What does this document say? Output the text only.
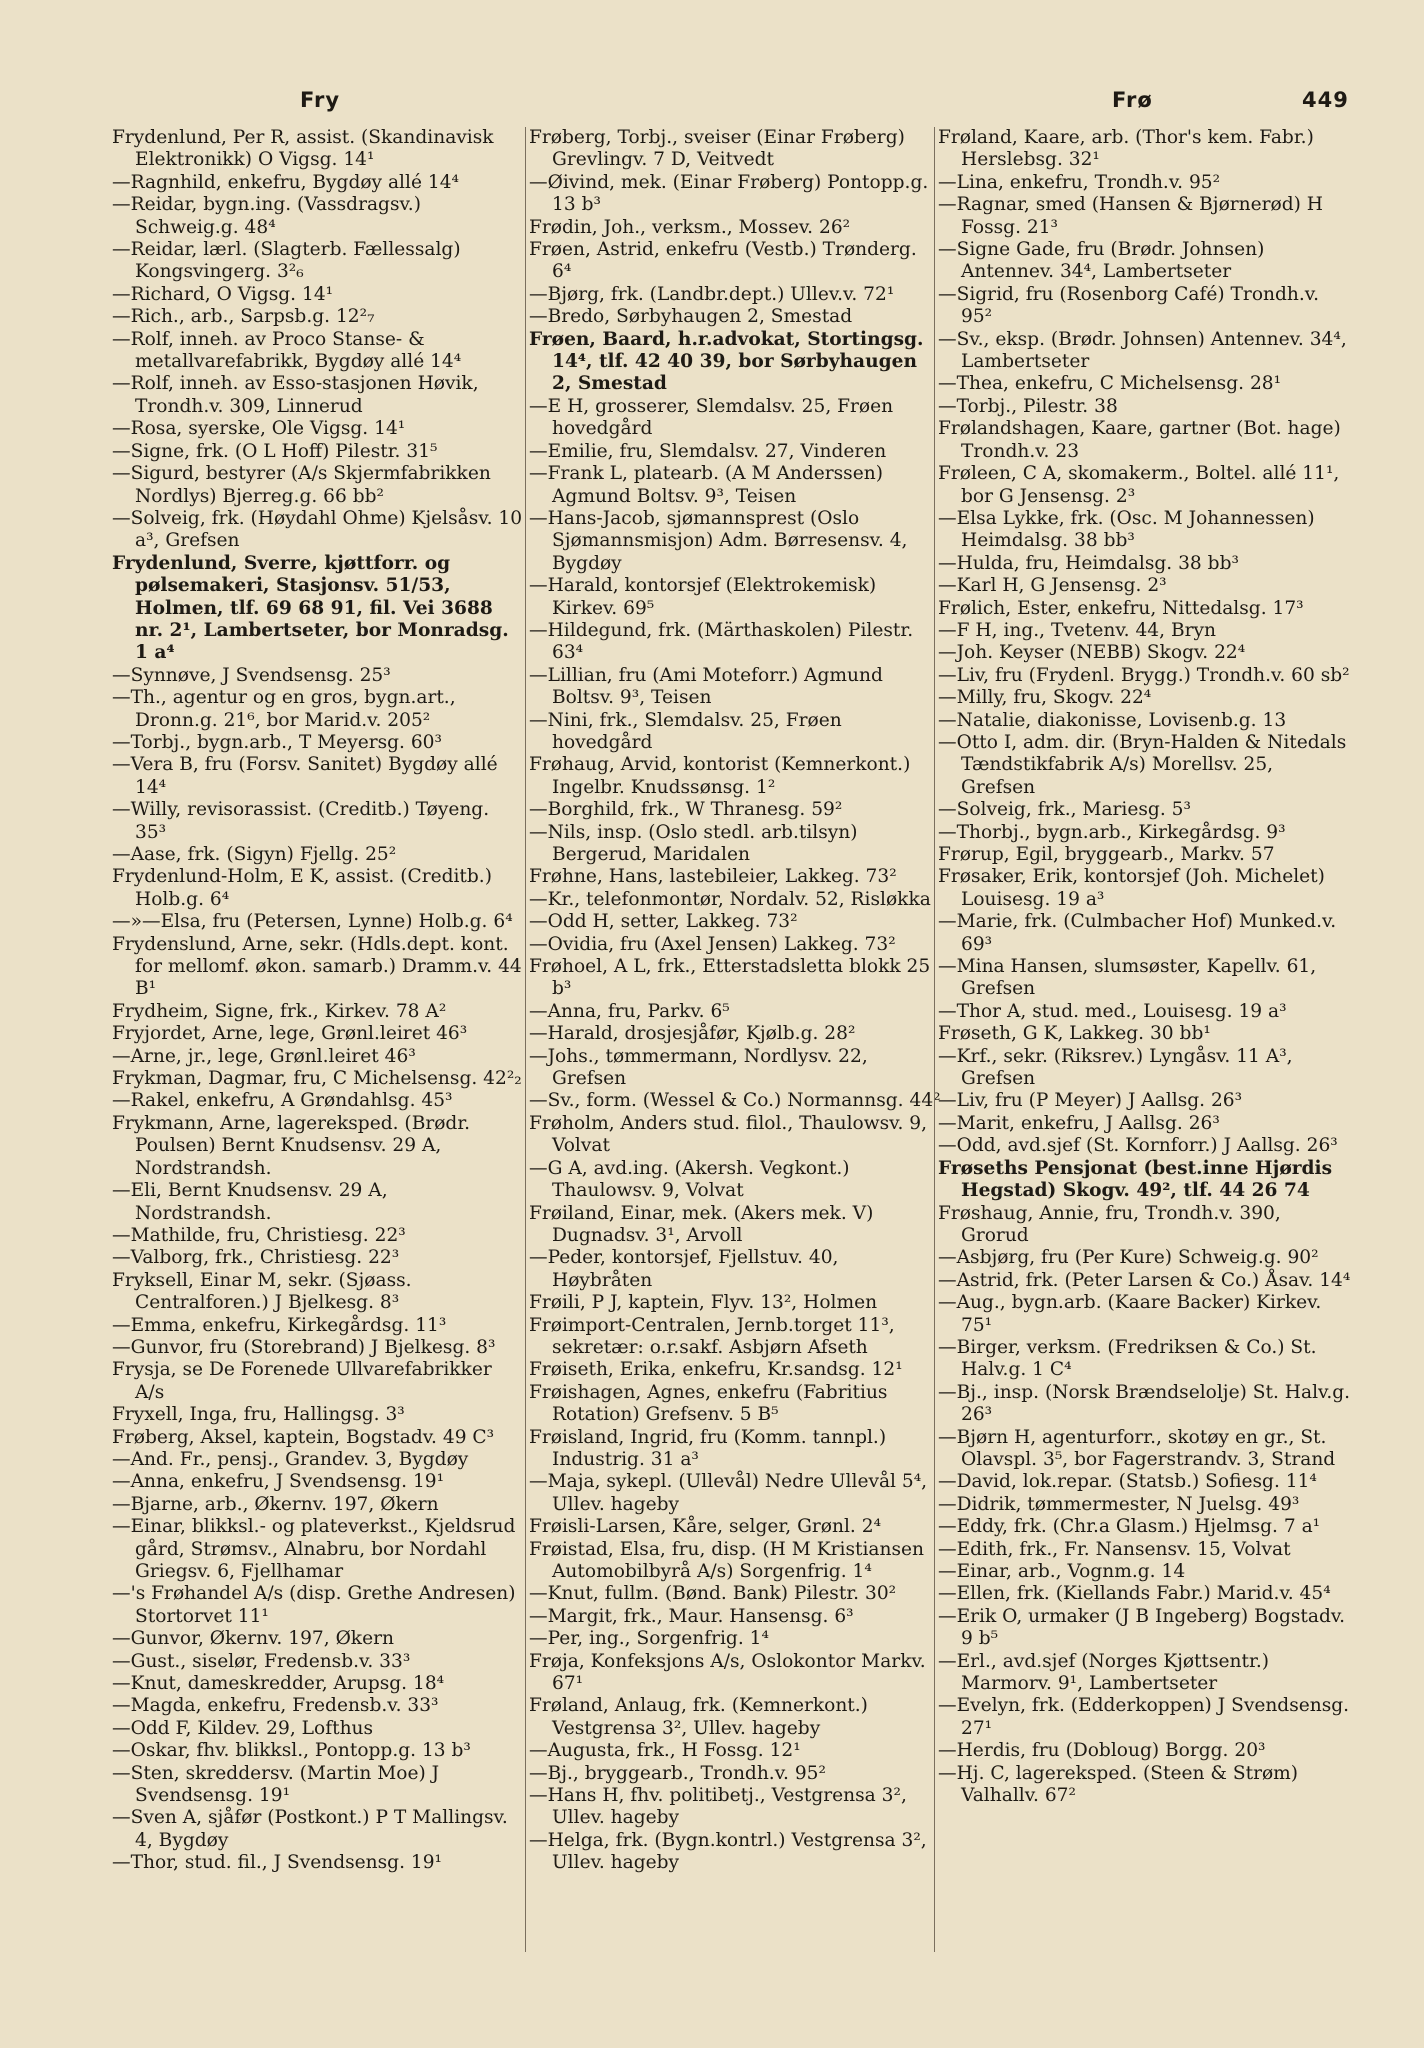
Fry	Frø	449

Frydenlund, Per R, assist. (Skandinavisk Elektronikk) O Vigsg. 14¹

—Ragnhild, enkefru, Bygdøy allé 14⁴

—Reidar, bygn.ing. (Vassdragsv.) Schweig.g. 48⁴

—Reidar, lærl. (Slagterb. Fællessalg) Kongsvingerg. 3²₆

—Richard, O Vigsg. 14¹

—Rich., arb., Sarpsb.g. 12²₇

—Rolf, inneh. av Proco Stanse- & metallvarefabrikk, Bygdøy allé 14⁴

—Rolf, inneh. av Esso-stasjonen Høvik, Trondh.v. 309, Linnerud

—Rosa, syerske, Ole Vigsg. 14¹

—Signe, frk. (O L Hoff) Pilestr. 31⁵

—Sigurd, bestyrer (A/s Skjermfabrikken Nordlys) Bjerreg.g. 66 bb²

—Solveig, frk. (Høydahl Ohme) Kjelsåsv. 10 a³, Grefsen

Frydenlund, Sverre, kjøttforr. og pølsemakeri, Stasjonsv. 51/53, Holmen, tlf. 69 68 91, fil. Vei 3688 nr. 2¹, Lambertseter, bor Monradsg. 1 a⁴

—Synnøve, J Svendsensg. 25³

—Th., agentur og en gros, bygn.art., Dronn.g. 21⁶, bor Marid.v. 205²

—Torbj., bygn.arb., T Meyersg. 60³

—Vera B, fru (Forsv. Sanitet) Bygdøy allé 14⁴

—Willy, revisorassist. (Creditb.) Tøyeng. 35³

—Aase, frk. (Sigyn) Fjellg. 25²

Frydenlund-Holm, E K, assist. (Creditb.) Holb.g. 6⁴

—»—Elsa, fru (Petersen, Lynne) Holb.g. 6⁴

Frydenslund, Arne, sekr. (Hdls.dept. kont. for mellomf. økon. samarb.) Dramm.v. 44 B¹

Frydheim, Signe, frk., Kirkev. 78 A²

Fryjordet, Arne, lege, Grønl.leiret 46³

—Arne, jr., lege, Grønl.leiret 46³

Frykman, Dagmar, fru, C Michelsensg. 42²₂

—Rakel, enkefru, A Grøndahlsg. 45³

Frykmann, Arne, lagereksped. (Brødr. Poulsen) Bernt Knudsensv. 29 A, Nordstrandsh.

—Eli, Bernt Knudsensv. 29 A, Nordstrandsh.

—Mathilde, fru, Christiesg. 22³

—Valborg, frk., Christiesg. 22³

Fryksell, Einar M, sekr. (Sjøass. Centralforen.) J Bjelkesg. 8³

—Emma, enkefru, Kirkegårdsg. 11³

—Gunvor, fru (Storebrand) J Bjelkesg. 8³

Frysja, se De Forenede Ullvarefabrikker A/s

Fryxell, Inga, fru, Hallingsg. 3³

Frøberg, Aksel, kaptein, Bogstadv. 49 C³

—And. Fr., pensj., Grandev. 3, Bygdøy

—Anna, enkefru, J Svendsensg. 19¹

—Bjarne, arb., Økernv. 197, Økern

—Einar, blikksl.- og plateverkst., Kjeldsrud gård, Strømsv., Alnabru, bor Nordahl Griegsv. 6, Fjellhamar

—'s Frøhandel A/s (disp. Grethe Andresen) Stortorvet 11¹

—Gunvor, Økernv. 197, Økern

—Gust., siselør, Fredensb.v. 33³

—Knut, dameskredder, Arupsg. 18⁴

—Magda, enkefru, Fredensb.v. 33³

—Odd F, Kildev. 29, Lofthus

—Oskar, fhv. blikksl., Pontopp.g. 13 b³

—Sten, skreddersv. (Martin Moe) J Svendsensg. 19¹

—Sven A, sjåfør (Postkont.) P T Mallingsv. 4, Bygdøy

—Thor, stud. fil., J Svendsensg. 19¹

Frøberg, Torbj., sveiser (Einar Frøberg) Grevlingv. 7 D, Veitvedt

—Øivind, mek. (Einar Frøberg) Pontopp.g. 13 b³

Frødin, Joh., verksm., Mossev. 26²

Frøen, Astrid, enkefru (Vestb.) Trønderg. 6⁴

—Bjørg, frk. (Landbr.dept.) Ullev.v. 72¹

—Bredo, Sørbyhaugen 2, Smestad

Frøen, Baard, h.r.advokat, Stortingsg. 14⁴, tlf. 42 40 39, bor Sørbyhaugen 2, Smestad

—E H, grosserer, Slemdalsv. 25, Frøen hovedgård

—Emilie, fru, Slemdalsv. 27, Vinderen

—Frank L, platearb. (A M Anderssen) Agmund Boltsv. 9³, Teisen

—Hans-Jacob, sjømannsprest (Oslo Sjømannsmisjon) Adm. Børresensv. 4, Bygdøy

—Harald, kontorsjef (Elektrokemisk) Kirkev. 69⁵

—Hildegund, frk. (Märthaskolen) Pilestr. 63⁴

—Lillian, fru (Ami Moteforr.) Agmund Boltsv. 9³, Teisen

—Nini, frk., Slemdalsv. 25, Frøen hovedgård

Frøhaug, Arvid, kontorist (Kemnerkont.) Ingelbr. Knudssønsg. 1²

—Borghild, frk., W Thranesg. 59²

—Nils, insp. (Oslo stedl. arb.tilsyn) Bergerud, Maridalen

Frøhne, Hans, lastebileier, Lakkeg. 73²

—Kr., telefonmontør, Nordalv. 52, Risløkka

—Odd H, setter, Lakkeg. 73²

—Ovidia, fru (Axel Jensen) Lakkeg. 73²

Frøhoel, A L, frk., Etterstadsletta blokk 25 b³

—Anna, fru, Parkv. 6⁵

—Harald, drosjesjåfør, Kjølb.g. 28²

—Johs., tømmermann, Nordlysv. 22, Grefsen

—Sv., form. (Wessel & Co.) Normannsg. 44²

Frøholm, Anders stud. filol., Thaulowsv. 9, Volvat

—G A, avd.ing. (Akersh. Vegkont.) Thaulowsv. 9, Volvat

Frøiland, Einar, mek. (Akers mek. V) Dugnadsv. 3¹, Arvoll

—Peder, kontorsjef, Fjellstuv. 40, Høybråten

Frøili, P J, kaptein, Flyv. 13², Holmen

Frøimport-Centralen, Jernb.torget 11³, sekretær: o.r.sakf. Asbjørn Afseth

Frøiseth, Erika, enkefru, Kr.sandsg. 12¹

Frøishagen, Agnes, enkefru (Fabritius Rotation) Grefsenv. 5 B⁵

Frøisland, Ingrid, fru (Komm. tannpl.) Industrig. 31 a³

—Maja, sykepl. (Ullevål) Nedre Ullevål 5⁴, Ullev. hageby

Frøisli-Larsen, Kåre, selger, Grønl. 2⁴

Frøistad, Elsa, fru, disp. (H M Kristiansen Automobilbyrå A/s) Sorgenfrig. 1⁴

—Knut, fullm. (Bønd. Bank) Pilestr. 30²

—Margit, frk., Maur. Hansensg. 6³

—Per, ing., Sorgenfrig. 1⁴

Frøja, Konfeksjons A/s, Oslokontor Markv. 67¹

Frøland, Anlaug, frk. (Kemnerkont.) Vestgrensa 3², Ullev. hageby

—Augusta, frk., H Fossg. 12¹

—Bj., bryggearb., Trondh.v. 95²

—Hans H, fhv. politibetj., Vestgrensa 3², Ullev. hageby

—Helga, frk. (Bygn.kontrl.) Vestgrensa 3², Ullev. hageby

Frøland, Kaare, arb. (Thor's kem. Fabr.) Herslebsg. 32¹

—Lina, enkefru, Trondh.v. 95²

—Ragnar, smed (Hansen & Bjørnerød) H Fossg. 21³

—Signe Gade, fru (Brødr. Johnsen) Antennev. 34⁴, Lambertseter

—Sigrid, fru (Rosenborg Café) Trondh.v. 95²

—Sv., eksp. (Brødr. Johnsen) Antennev. 34⁴, Lambertseter

—Thea, enkefru, C Michelsensg. 28¹

—Torbj., Pilestr. 38

Frølandshagen, Kaare, gartner (Bot. hage) Trondh.v. 23

Frøleen, C A, skomakerm., Boltel. allé 11¹, bor G Jensensg. 2³

—Elsa Lykke, frk. (Osc. M Johannessen) Heimdalsg. 38 bb³

—Hulda, fru, Heimdalsg. 38 bb³

—Karl H, G Jensensg. 2³

Frølich, Ester, enkefru, Nittedalsg. 17³

—F H, ing., Tvetenv. 44, Bryn

—Joh. Keyser (NEBB) Skogv. 22⁴

—Liv, fru (Frydenl. Brygg.) Trondh.v. 60 sb²

—Milly, fru, Skogv. 22⁴

—Natalie, diakonisse, Lovisenb.g. 13

—Otto I, adm. dir. (Bryn-Halden & Nitedals Tændstikfabrik A/s) Morellsv. 25, Grefsen

—Solveig, frk., Mariesg. 5³

—Thorbj., bygn.arb., Kirkegårdsg. 9³

Frørup, Egil, bryggearb., Markv. 57

Frøsaker, Erik, kontorsjef (Joh. Michelet) Louisesg. 19 a³

—Marie, frk. (Culmbacher Hof) Munked.v. 69³

—Mina Hansen, slumsøster, Kapellv. 61, Grefsen

—Thor A, stud. med., Louisesg. 19 a³

Frøseth, G K, Lakkeg. 30 bb¹

—Krf., sekr. (Riksrev.) Lyngåsv. 11 A³, Grefsen

—Liv, fru (P Meyer) J Aallsg. 26³

—Marit, enkefru, J Aallsg. 26³

—Odd, avd.sjef (St. Kornforr.) J Aallsg. 26³

Frøseths Pensjonat (best.inne Hjørdis Hegstad) Skogv. 49², tlf. 44 26 74

Frøshaug, Annie, fru, Trondh.v. 390, Grorud

—Asbjørg, fru (Per Kure) Schweig.g. 90²

—Astrid, frk. (Peter Larsen & Co.) Åsav. 14⁴

—Aug., bygn.arb. (Kaare Backer) Kirkev. 75¹

—Birger, verksm. (Fredriksen & Co.) St. Halv.g. 1 C⁴

—Bj., insp. (Norsk Brændselolje) St. Halv.g. 26³

—Bjørn H, agenturforr., skotøy en gr., St. Olavspl. 3⁵, bor Fagerstrandv. 3, Strand

—David, lok.repar. (Statsb.) Sofiesg. 11⁴

—Didrik, tømmermester, N Juelsg. 49³

—Eddy, frk. (Chr.a Glasm.) Hjelmsg. 7 a¹

—Edith, frk., Fr. Nansensv. 15, Volvat

—Einar, arb., Vognm.g. 14

—Ellen, frk. (Kiellands Fabr.) Marid.v. 45⁴

—Erik O, urmaker (J B Ingeberg) Bogstadv. 9 b⁵

—Erl., avd.sjef (Norges Kjøttsentr.) Marmorv. 9¹, Lambertseter

—Evelyn, frk. (Edderkoppen) J Svendsensg. 27¹

—Herdis, fru (Dobloug) Borgg. 20³

—Hj. C, lagereksped. (Steen & Strøm) Valhallv. 67²
